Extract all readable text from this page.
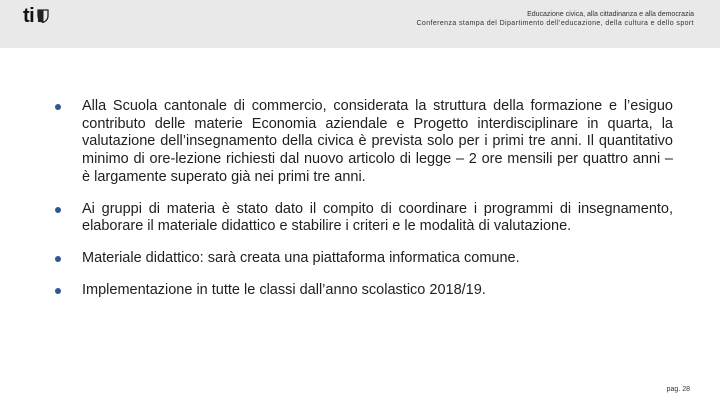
ti	Educazione civica, alla cittadinanza e alla democrazia
Conferenza stampa del Dipartimento dell’educazione, della cultura e dello sport
Alla Scuola cantonale di commercio, considerata la struttura della formazione e l’esiguo contributo delle materie Economia aziendale e Progetto interdisciplinare in quarta, la valutazione dell’insegnamento della civica è prevista solo per i primi tre anni. Il quantitativo minimo di ore-lezione richiesti dal nuovo articolo di legge – 2 ore mensili per quattro anni – è largamente superato già nei primi tre anni.
Ai gruppi di materia è stato dato il compito di coordinare i programmi di insegnamento, elaborare il materiale didattico e stabilire i criteri e le modalità di valutazione.
Materiale didattico: sarà creata una piattaforma informatica comune.
Implementazione in tutte le classi dall’anno scolastico 2018/19.
pag. 28
